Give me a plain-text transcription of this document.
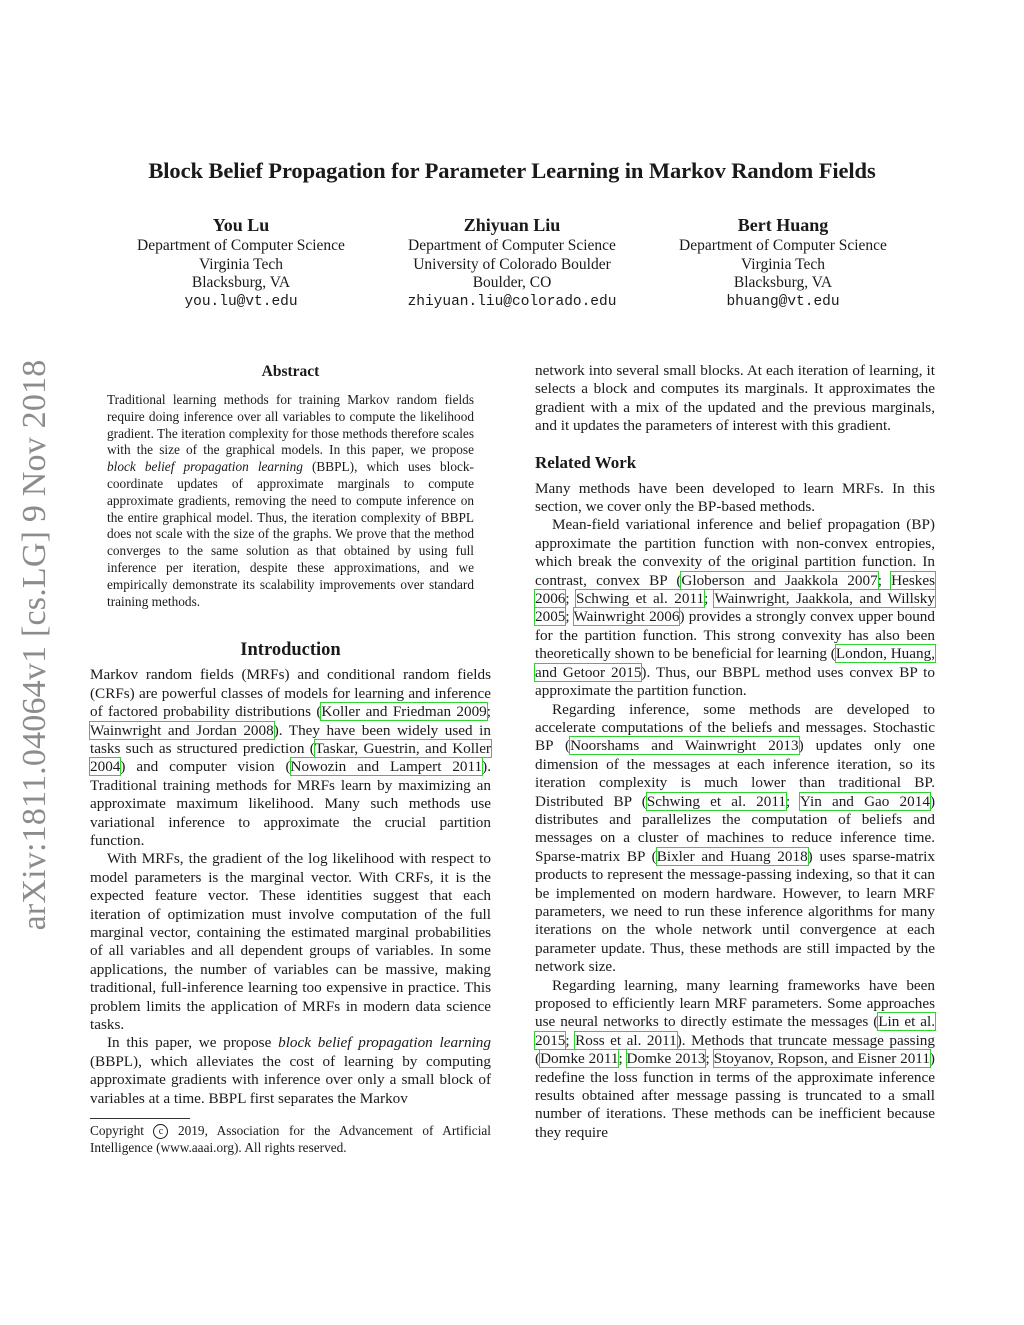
Block Belief Propagation for Parameter Learning in Markov Random Fields
You Lu
Department of Computer Science
Virginia Tech
Blacksburg, VA
you.lu@vt.edu
Zhiyuan Liu
Department of Computer Science
University of Colorado Boulder
Boulder, CO
zhiyuan.liu@colorado.edu
Bert Huang
Department of Computer Science
Virginia Tech
Blacksburg, VA
bhuang@vt.edu
arXiv:1811.04064v1 [cs.LG] 9 Nov 2018	Abstract

Traditional learning methods for training Markov random fields require doing inference over all variables to compute the likelihood gradient. The iteration complexity for those methods therefore scales with the size of the graphical models. In this paper, we propose block belief propagation learning (BBPL), which uses block-coordinate updates of approximate marginals to compute approximate gradients, removing the need to compute inference on the entire graphical model. Thus, the iteration complexity of BBPL does not scale with the size of the graphs. We prove that the method converges to the same solution as that obtained by using full inference per iteration, despite these approximations, and we empirically demonstrate its scalability improvements over standard training methods.

Introduction

Markov random fields (MRFs) and conditional random fields (CRFs) are powerful classes of models for learning and inference of factored probability distributions (Koller and Friedman 2009; Wainwright and Jordan 2008). They have been widely used in tasks such as structured prediction (Taskar, Guestrin, and Koller 2004) and computer vision (Nowozin and Lampert 2011). Traditional training methods for MRFs learn by maximizing an approximate maximum likelihood. Many such methods use variational inference to approximate the crucial partition function.

With MRFs, the gradient of the log likelihood with respect to model parameters is the marginal vector. With CRFs, it is the expected feature vector. These identities suggest that each iteration of optimization must involve computation of the full marginal vector, containing the estimated marginal probabilities of all variables and all dependent groups of variables. In some applications, the number of variables can be massive, making traditional, full-inference learning too expensive in practice. This problem limits the application of MRFs in modern data science tasks.

In this paper, we propose block belief propagation learning (BBPL), which alleviates the cost of learning by computing approximate gradients with inference over only a small block of variables at a time. BBPL first separates the Markov

Copyright c 2019, Association for the Advancement of Artificial Intelligence (www.aaai.org). All rights reserved.

network into several small blocks. At each iteration of learning, it selects a block and computes its marginals. It approximates the gradient with a mix of the updated and the previous marginals, and it updates the parameters of interest with this gradient.

Related Work

Many methods have been developed to learn MRFs. In this section, we cover only the BP-based methods.

Mean-field variational inference and belief propagation (BP) approximate the partition function with non-convex entropies, which break the convexity of the original partition function. In contrast, convex BP (Globerson and Jaakkola 2007; Heskes 2006; Schwing et al. 2011; Wainwright, Jaakkola, and Willsky 2005; Wainwright 2006) provides a strongly convex upper bound for the partition function. This strong convexity has also been theoretically shown to be beneficial for learning (London, Huang, and Getoor 2015). Thus, our BBPL method uses convex BP to approximate the partition function.

Regarding inference, some methods are developed to accelerate computations of the beliefs and messages. Stochastic BP (Noorshams and Wainwright 2013) updates only one dimension of the messages at each inference iteration, so its iteration complexity is much lower than traditional BP. Distributed BP (Schwing et al. 2011; Yin and Gao 2014) distributes and parallelizes the computation of beliefs and messages on a cluster of machines to reduce inference time. Sparse-matrix BP (Bixler and Huang 2018) uses sparse-matrix products to represent the message-passing indexing, so that it can be implemented on modern hardware. However, to learn MRF parameters, we need to run these inference algorithms for many iterations on the whole network until convergence at each parameter update. Thus, these methods are still impacted by the network size.

Regarding learning, many learning frameworks have been proposed to efficiently learn MRF parameters. Some approaches use neural networks to directly estimate the messages (Lin et al. 2015; Ross et al. 2011). Methods that truncate message passing (Domke 2011; Domke 2013; Stoyanov, Ropson, and Eisner 2011) redefine the loss function in terms of the approximate inference results obtained after message passing is truncated to a small number of iterations. These methods can be inefficient because they require
